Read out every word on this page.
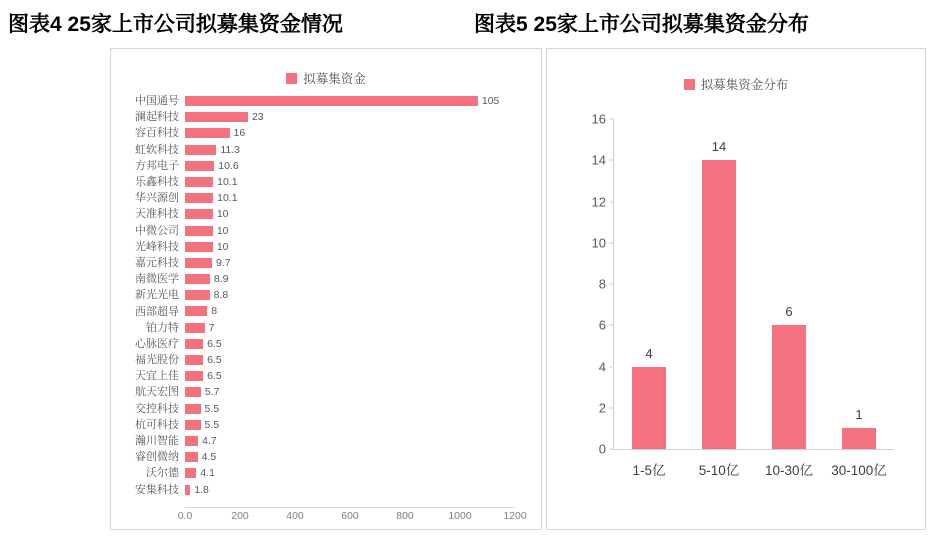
图表4 25家上市公司拟募集资金情况	图表5 25家上市公司拟募集资金分布
拟募集资金
中国通号	105
澜起科技	23
容百科技	16
虹软科技	11.3
方邦电子	10.6
乐鑫科技	10.1
华兴源创	10.1
天准科技	10
中微公司	10
光峰科技	10
嘉元科技	9.7
南微医学	8.9
新光光电	8.8
西部超导	8
铂力特	7
心脉医疗	6.5
福光股份	6.5
天宜上佳	6.5
航天宏图	5.7
交控科技	5.5
杭可科技	5.5
瀚川智能	4.7
睿创微纳	4.5
沃尔德	4.1
安集科技	1.8
0.0	200	400	600	800	1000	1200
拟募集资金分布
0
2
4
6
8
10
12
14
16
4
1-5亿
14
5-10亿
6
10-30亿
1
30-100亿
